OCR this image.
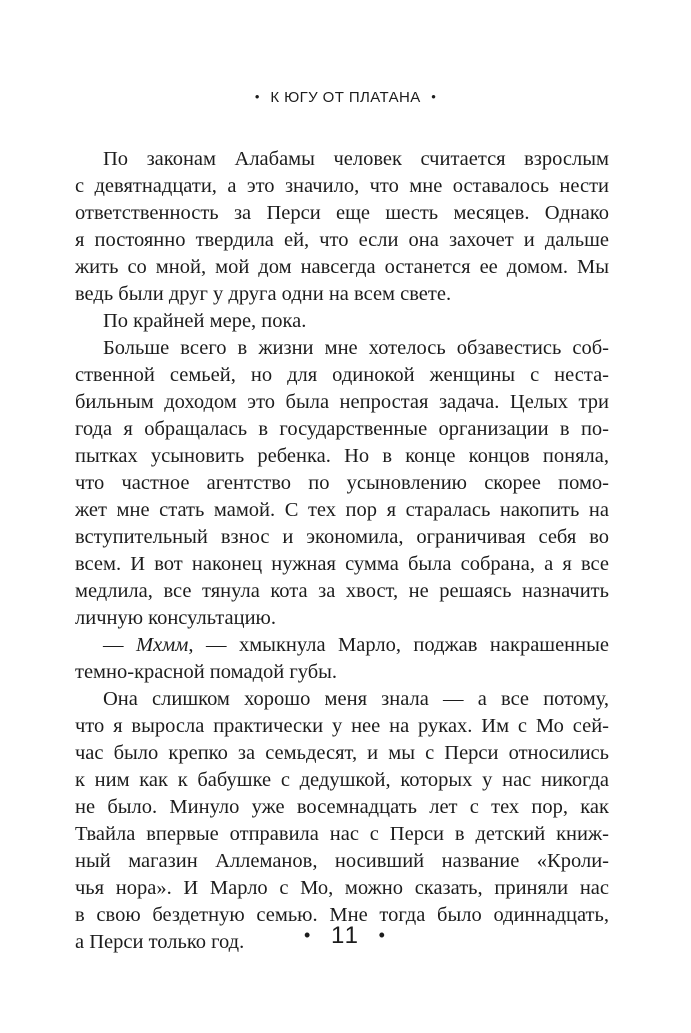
• К ЮГУ ОТ ПЛАТАНА •
По законам Алабамы человек считается взрослым
с девятнадцати, а это значило, что мне оставалось нести
ответственность за Перси еще шесть месяцев. Однако
я постоянно твердила ей, что если она захочет и дальше
жить со мной, мой дом навсегда останется ее домом. Мы
ведь были друг у друга одни на всем свете.
По крайней мере, пока.
Больше всего в жизни мне хотелось обзавестись соб-
ственной семьей, но для одинокой женщины с неста-
бильным доходом это была непростая задача. Целых три
года я обращалась в государственные организации в по-
пытках усыновить ребенка. Но в конце концов поняла,
что частное агентство по усыновлению скорее помо-
жет мне стать мамой. С тех пор я старалась накопить на
вступительный взнос и экономила, ограничивая себя во
всем. И вот наконец нужная сумма была собрана, а я все
медлила, все тянула кота за хвост, не решаясь назначить
личную консультацию.
— Мхмм, — хмыкнула Марло, поджав накрашенные
темно-красной помадой губы.
Она слишком хорошо меня знала — а все потому,
что я выросла практически у нее на руках. Им с Мо сей-
час было крепко за семьдесят, и мы с Перси относились
к ним как к бабушке с дедушкой, которых у нас никогда
не было. Минуло уже восемнадцать лет с тех пор, как
Твайла впервые отправила нас с Перси в детский книж-
ный магазин Аллеманов, носивший название «Кроли-
чья нора». И Марло с Мо, можно сказать, приняли нас
в свою бездетную семью. Мне тогда было одиннадцать,
а Перси только год.	• 11 •
